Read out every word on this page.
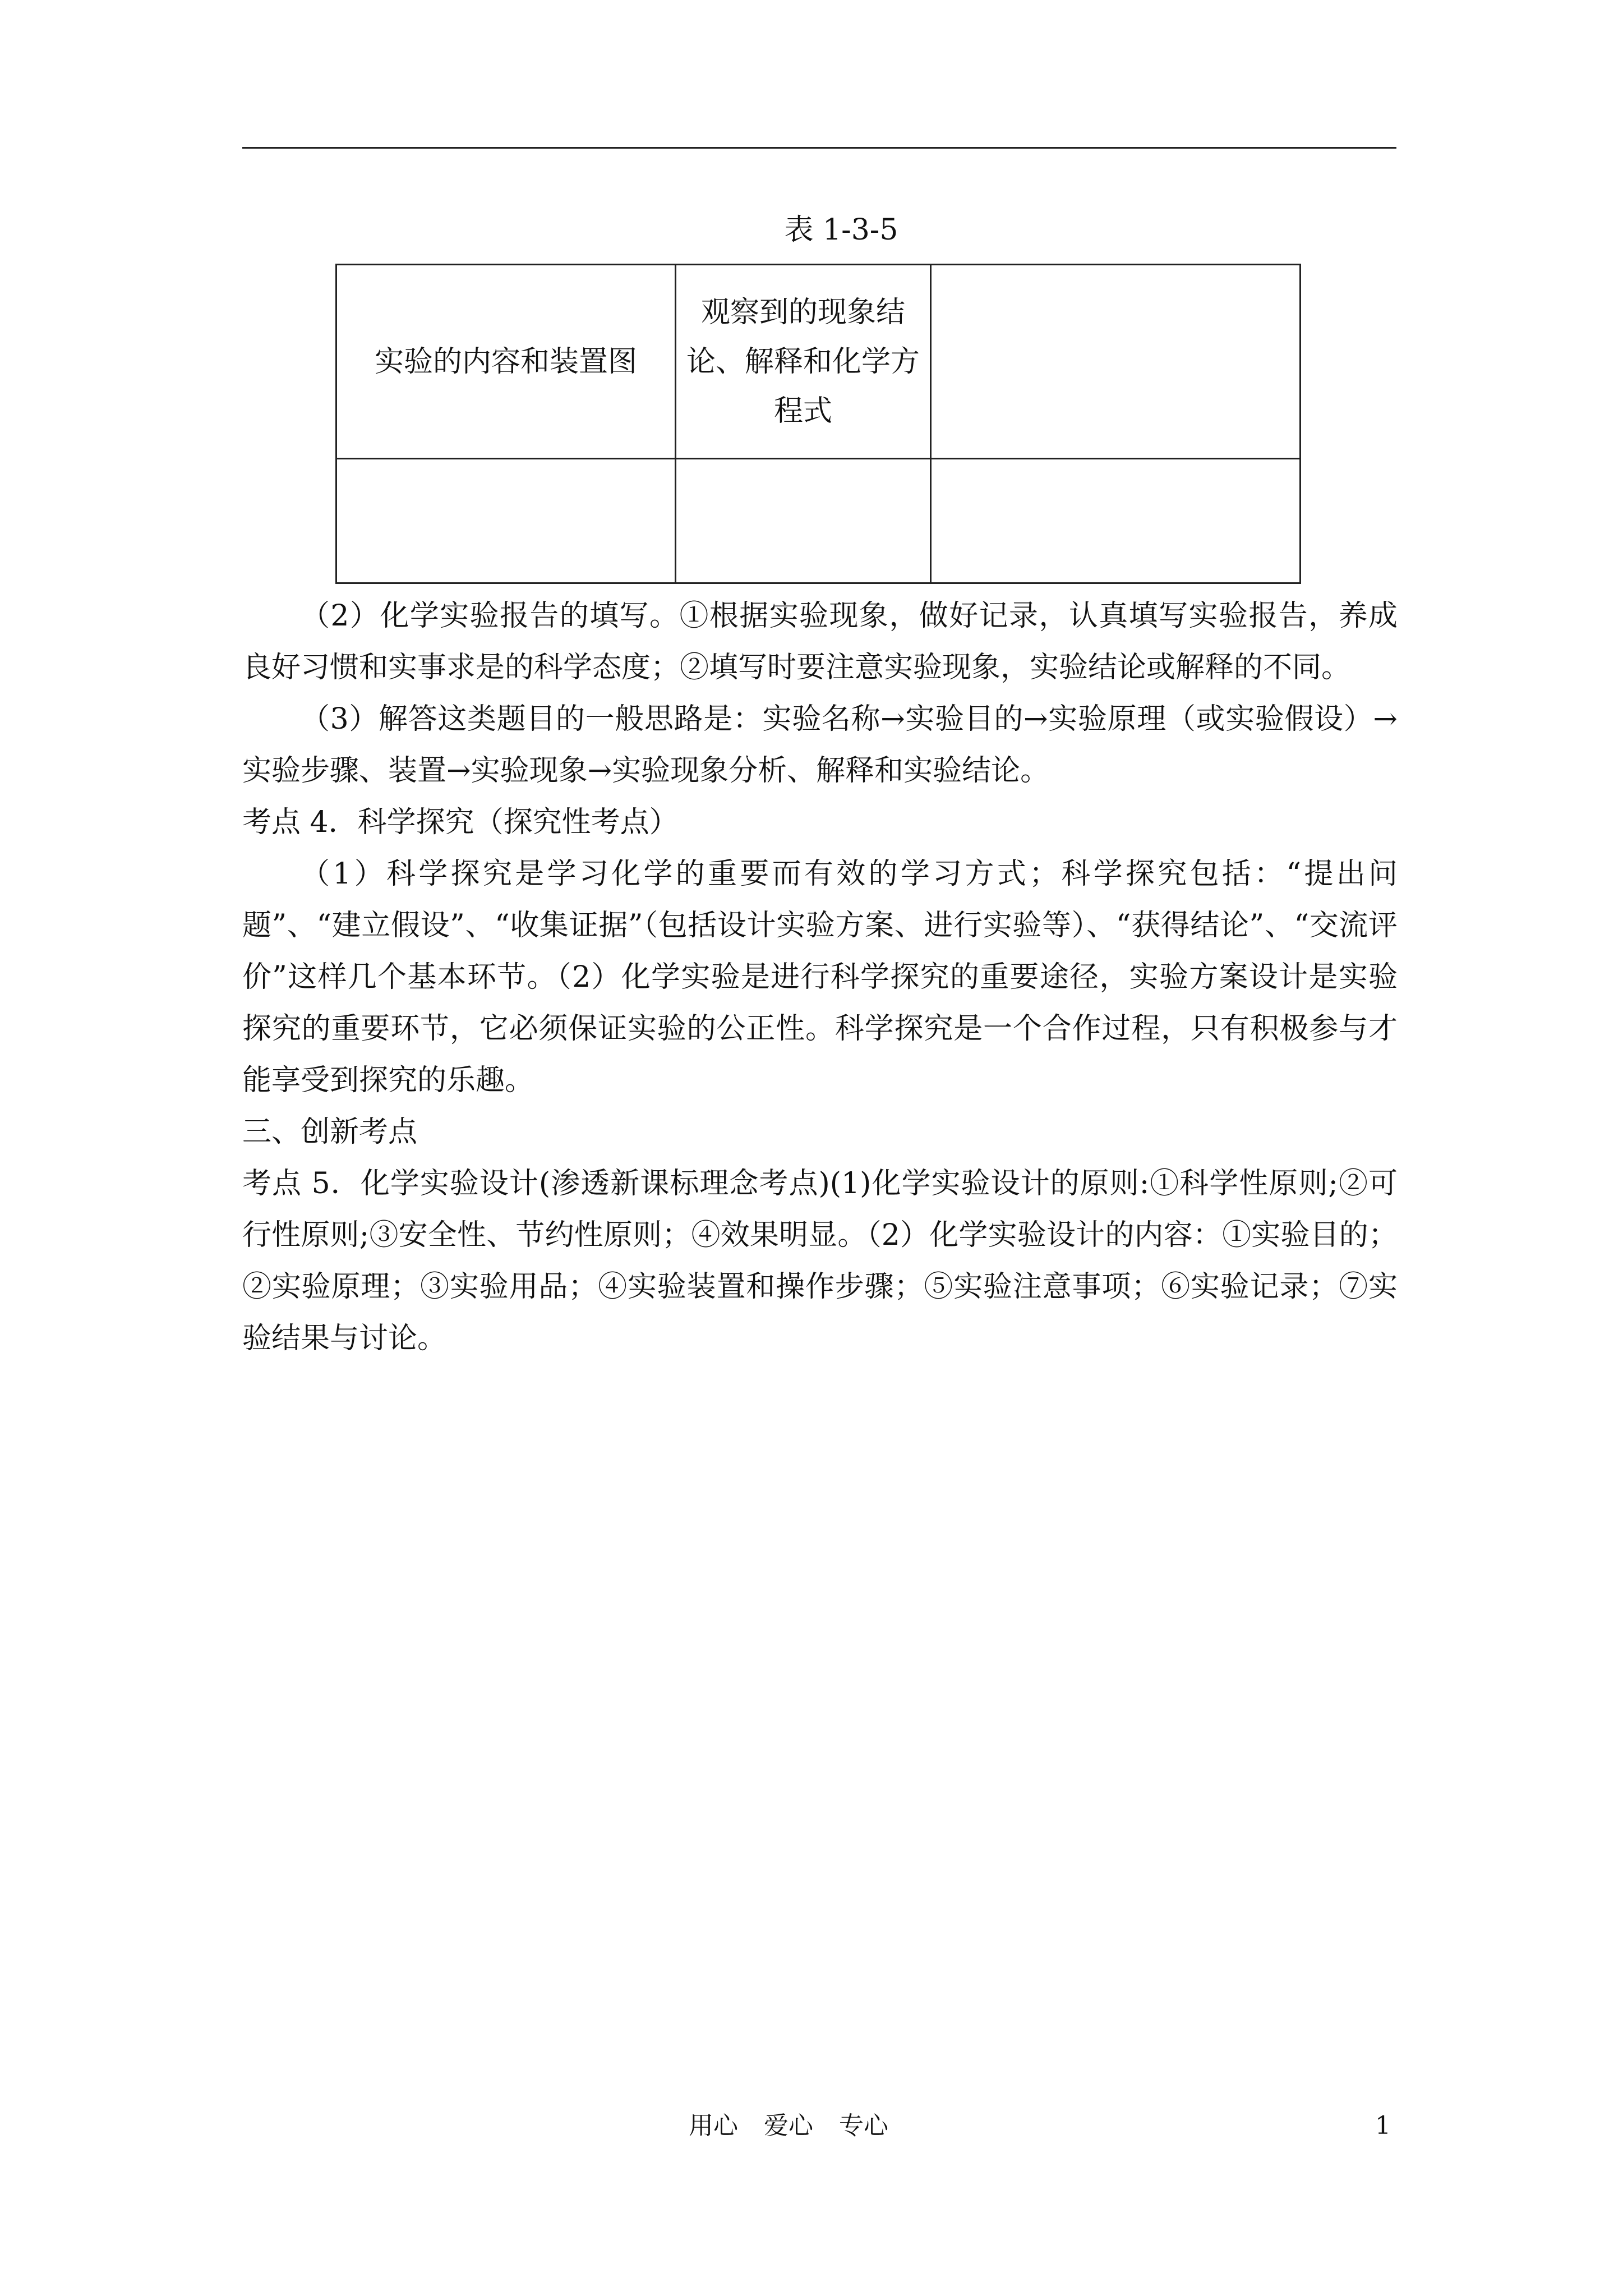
表 1-3-5
实验的内容和装置图	观察到的现象结论、解释和化学方程式	

（2）化学实验报告的填写。①根据实验现象，做好记录，认真填写实验报告，养成良好习惯和实事求是的科学态度；②填写时要注意实验现象，实验结论或解释的不同。

（3）解答这类题目的一般思路是：实验名称→实验目的→实验原理（或实验假设）→实验步骤、装置→实验现象→实验现象分析、解释和实验结论。

考点 4．科学探究（探究性考点）

（1）科学探究是学习化学的重要而有效的学习方式；科学探究包括：“提出问题”、“建立假设”、“收集证据”（包括设计实验方案、进行实验等）、“获得结论”、“交流评价”这样几个基本环节。（2）化学实验是进行科学探究的重要途径，实验方案设计是实验探究的重要环节，它必须保证实验的公正性。科学探究是一个合作过程，只有积极参与才能享受到探究的乐趣。

三、创新考点

考点 5．化学实验设计(渗透新课标理念考点)(1)化学实验设计的原则:①科学性原则;②可行性原则;③安全性、节约性原则；④效果明显。（2）化学实验设计的内容：①实验目的；②实验原理；③实验用品；④实验装置和操作步骤；⑤实验注意事项；⑥实验记录；⑦实验结果与讨论。

用心 爱心 专心	1
